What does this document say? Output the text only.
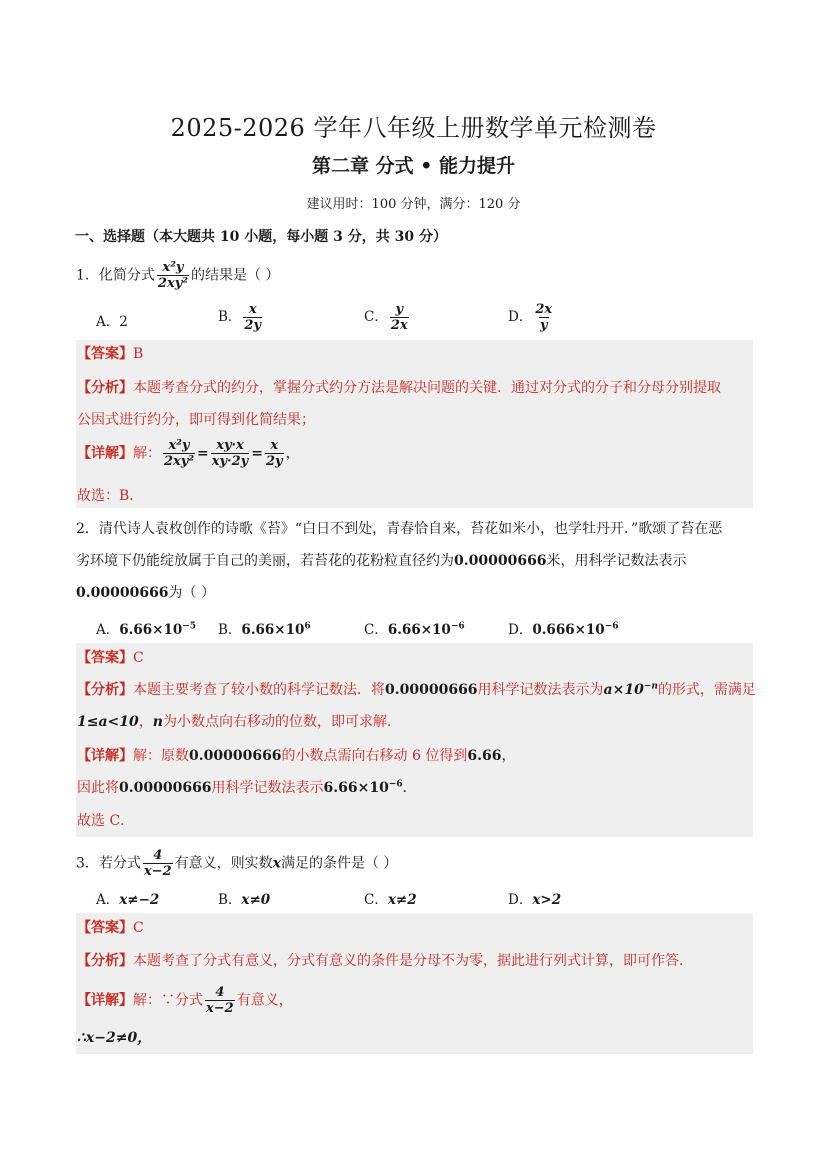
2025-2026 学年八年级上册数学单元检测卷
第二章 分式 • 能力提升
建议用时：100 分钟，满分：120 分
一、选择题（本大题共 10 小题，每小题 3 分，共 30 分）
1．化简分式 $\frac{\text{x²y}}{\text{2xy²}}$ 的结果是（ ）
A．2	B． $\frac{x}{2y}$	C． $\frac{y}{2x}$	D． $\frac{2x}{y}$
【答案】B
【分析】本题考查分式的约分，掌握分式约分方法是解决问题的关键．通过对分式的分子和分母分别提取
公因式进行约分，即可得到化简结果；
【详解】解： $\frac{\text{x²y}}{\text{2xy²}} = \frac{xy\cdot x}{xy\cdot 2y} = \frac{x}{2y}$ ，
故选：B．
2．清代诗人袁枚创作的诗歌《苔》“白日不到处，青春恰自来，苔花如米小，也学牡丹开．”歌颂了苔在恶
劣环境下仍能绽放属于自己的美丽，若苔花的花粉粒直径约为0.00000666米，用科学记数法表示
0.00000666为（ ）
A．$6.66\times 10^{-5}$ B．$6.66\times 10^6$	C．$6.66\times 10^{-6}$	D．$0.666\times 10^{-6}$
【答案】C
【分析】本题主要考查了较小数的科学记数法．将0.00000666用科学记数法表示为$a\times 10^{-n}$的形式，需满足
1≤a<10，n为小数点向右移动的位数，即可求解．
【详解】解：原数0.00000666的小数点需向右移动 6 位得到6.66，
因此将0.00000666用科学记数法表示$6.66\times 10^{-6}$．
故选 C．
3．若分式 $\frac{4}{x-2}$ 有意义，则实数x满足的条件是（ ）
A．x≠−2	B．x≠0	C．x≠2	D．x>2
【答案】C
【分析】本题考查了分式有意义，分式有意义的条件是分母不为零，据此进行列式计算，即可作答．
【详解】解：∵分式 $\frac{4}{x-2}$ 有意义，
∴x−2≠0，
